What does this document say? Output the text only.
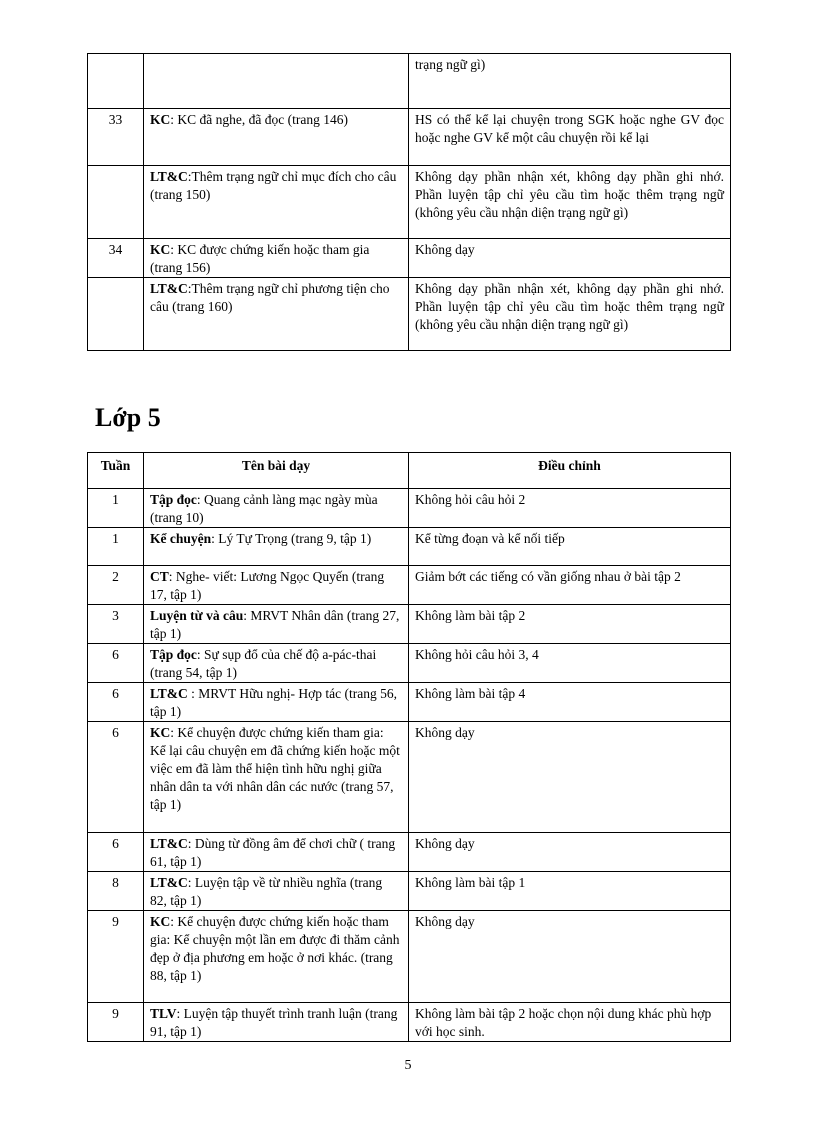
		trạng ngữ gì)
33	KC: KC đã nghe, đã đọc (trang 146)	HS có thể kể lại chuyện trong SGK hoặc nghe GV đọc hoặc nghe GV kể một câu chuyện rồi kể lại
	LT&C:Thêm trạng ngữ chỉ mục đích cho câu (trang 150)	Không dạy phần nhận xét, không dạy phần ghi nhớ. Phần luyện tập chỉ yêu cầu tìm hoặc thêm trạng ngữ (không yêu cầu nhận diện trạng ngữ gì)
34	KC: KC được chứng kiến hoặc tham gia (trang 156)	Không dạy
	LT&C:Thêm trạng ngữ chỉ phương tiện cho câu (trang 160)	Không dạy phần nhận xét, không dạy phần ghi nhớ. Phần luyện tập chỉ yêu cầu tìm hoặc thêm trạng ngữ (không yêu cầu nhận diện trạng ngữ gì)
Lớp 5
Tuần	Tên bài dạy	Điều chỉnh
1	Tập đọc: Quang cảnh làng mạc ngày mùa (trang 10)	Không hỏi câu hỏi 2
1	Kể chuyện: Lý Tự Trọng (trang 9, tập 1)	Kể từng đoạn và kể nối tiếp
2	CT: Nghe- viết: Lương Ngọc Quyến (trang 17, tập 1)	Giảm bớt các tiếng có vần giống nhau ở bài tập 2
3	Luyện từ và câu: MRVT Nhân dân (trang 27, tập 1)	Không làm bài tập 2
6	Tập đọc: Sự sụp đổ của chế độ a-pác-thai (trang 54, tập 1)	Không hỏi câu hỏi 3, 4
6	LT&C : MRVT Hữu nghị- Hợp tác (trang 56, tập 1)	Không làm bài tập 4
6	KC: Kể chuyện được chứng kiến tham gia: Kể lại câu chuyện em đã chứng kiến hoặc một việc em đã làm thể hiện tình hữu nghị giữa nhân dân ta với nhân dân các nước (trang 57, tập 1)	Không dạy
6	LT&C: Dùng từ đồng âm để chơi chữ ( trang 61, tập 1)	Không dạy
8	LT&C: Luyện tập về từ nhiều nghĩa (trang 82, tập 1)	Không làm bài tập 1
9	KC: Kể chuyện được chứng kiến hoặc tham gia: Kể chuyện một lần em được đi thăm cảnh đẹp ở địa phương em hoặc ở nơi khác. (trang 88, tập 1)	Không dạy
9	TLV: Luyện tập thuyết trình tranh luận (trang 91, tập 1)	Không làm bài tập 2 hoặc chọn nội dung khác phù hợp với học sinh.
5
